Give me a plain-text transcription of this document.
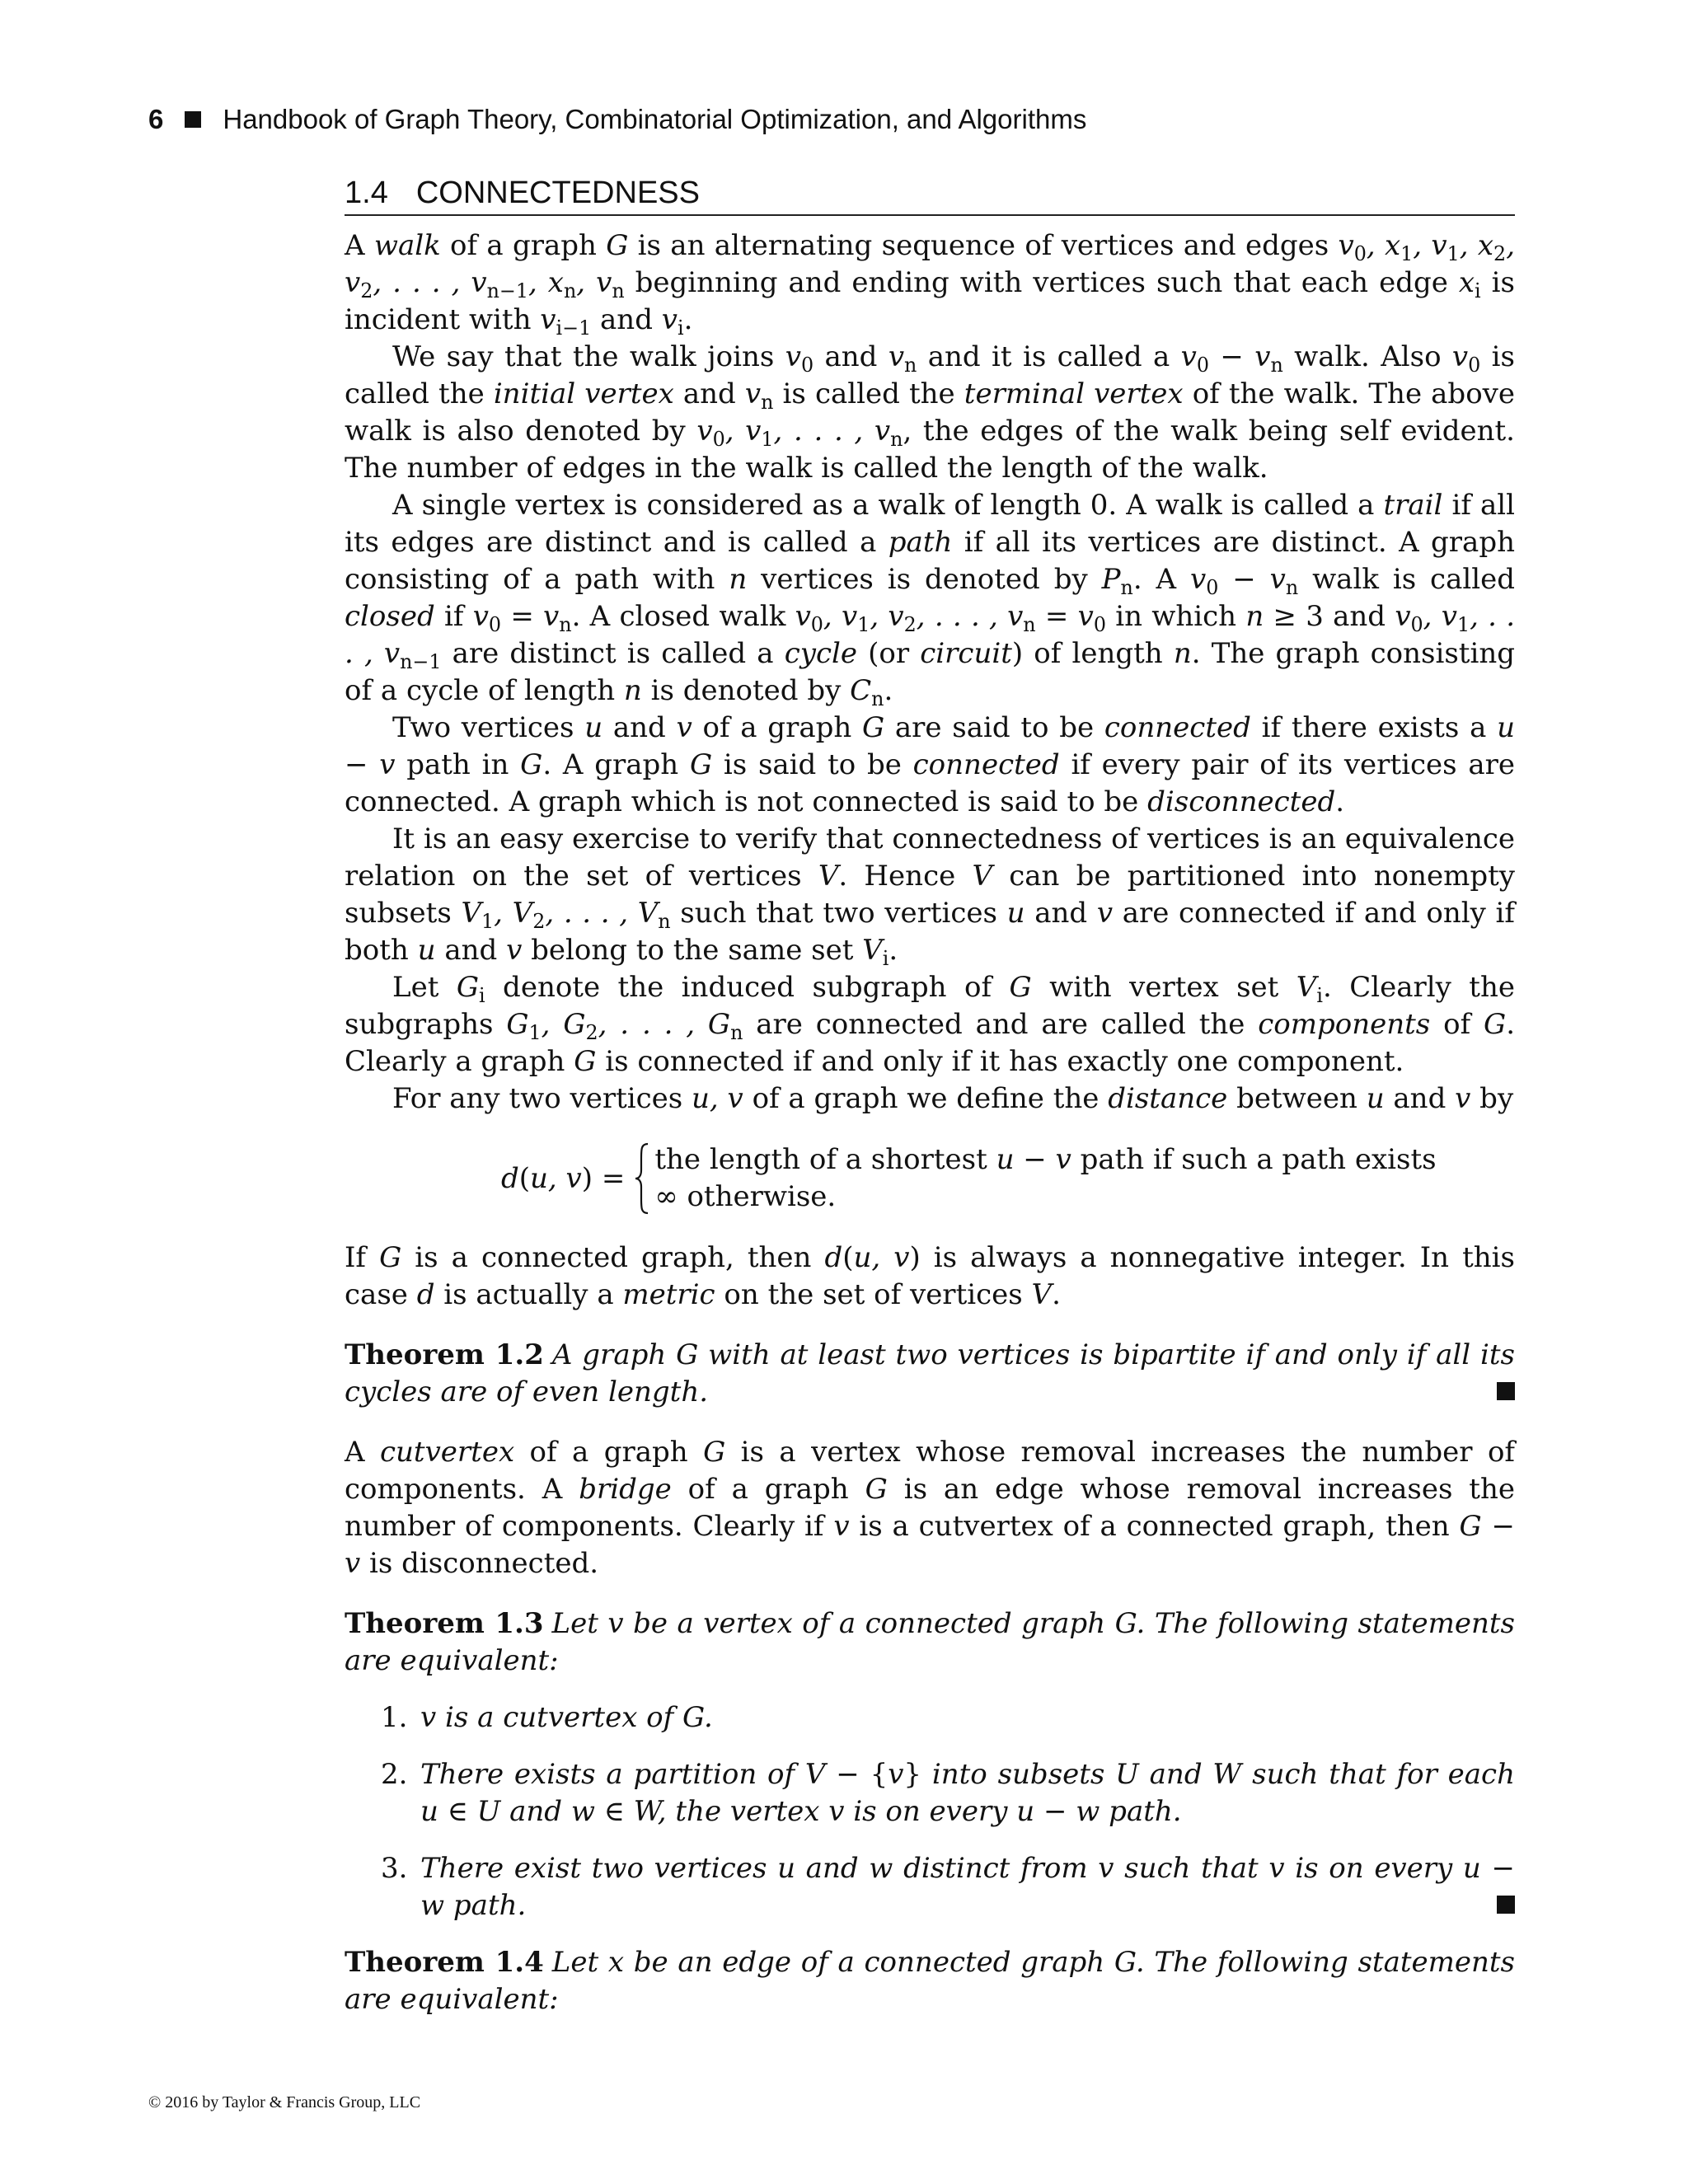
6 Handbook of Graph Theory, Combinatorial Optimization, and Algorithms
1.4 CONNECTEDNESS

A walk of a graph G is an alternating sequence of vertices and edges $v_0$, $x_1$, $v_1$, $x_2$, $v_2$, . . . , $v_{n-1}$, $x_n$, $v_n$ beginning and ending with vertices such that each edge $x_i$ is incident with $v_{i-1}$ and $v_i$.

We say that the walk joins $v_0$ and $v_n$ and it is called a $v_0 - v_n$ walk. Also $v_0$ is called the initial vertex and $v_n$ is called the terminal vertex of the walk. The above walk is also denoted by $v_0$, $v_1$, . . . , $v_n$, the edges of the walk being self evident. The number of edges in the walk is called the length of the walk.

A single vertex is considered as a walk of length 0. A walk is called a trail if all its edges are distinct and is called a path if all its vertices are distinct. A graph consisting of a path with n vertices is denoted by $P_n$. A $v_0 - v_n$ walk is called closed if $v_0 = v_n$. A closed walk $v_0$, $v_1$, $v_2$, . . . , $v_n = v_0$ in which n ≥ 3 and $v_0$, $v_1$, . . . , $v_{n-1}$ are distinct is called a cycle (or circuit) of length n. The graph consisting of a cycle of length n is denoted by $C_n$.

Two vertices u and v of a graph G are said to be connected if there exists a u − v path in G. A graph G is said to be connected if every pair of its vertices are connected. A graph which is not connected is said to be disconnected.

It is an easy exercise to verify that connectedness of vertices is an equivalence relation on the set of vertices V. Hence V can be partitioned into nonempty subsets $V_1$, $V_2$, . . . , $V_n$ such that two vertices u and v are connected if and only if both u and v belong to the same set $V_i$.

Let $G_i$ denote the induced subgraph of G with vertex set $V_i$. Clearly the subgraphs $G_1$, $G_2$, . . . , $G_n$ are connected and are called the components of G. Clearly a graph G is connected if and only if it has exactly one component.

For any two vertices u, v of a graph we define the distance between u and v by

d(u, v) =
the length of a shortest u − v path if such a path exists
∞ otherwise.

If G is a connected graph, then d(u, v) is always a nonnegative integer. In this case d is actually a metric on the set of vertices V.

Theorem 1.2 A graph G with at least two vertices is bipartite if and only if all its cycles are of even length.

A cutvertex of a graph G is a vertex whose removal increases the number of components. A bridge of a graph G is an edge whose removal increases the number of components. Clearly if v is a cutvertex of a connected graph, then G − v is disconnected.

Theorem 1.3 Let v be a vertex of a connected graph G. The following statements are equivalent:

1. v is a cutvertex of G.
2. There exists a partition of V − {v} into subsets U and W such that for each u ∈ U and w ∈ W, the vertex v is on every u − w path.
3. There exist two vertices u and w distinct from v such that v is on every u − w path.

Theorem 1.4 Let x be an edge of a connected graph G. The following statements are equivalent:

© 2016 by Taylor & Francis Group, LLC
